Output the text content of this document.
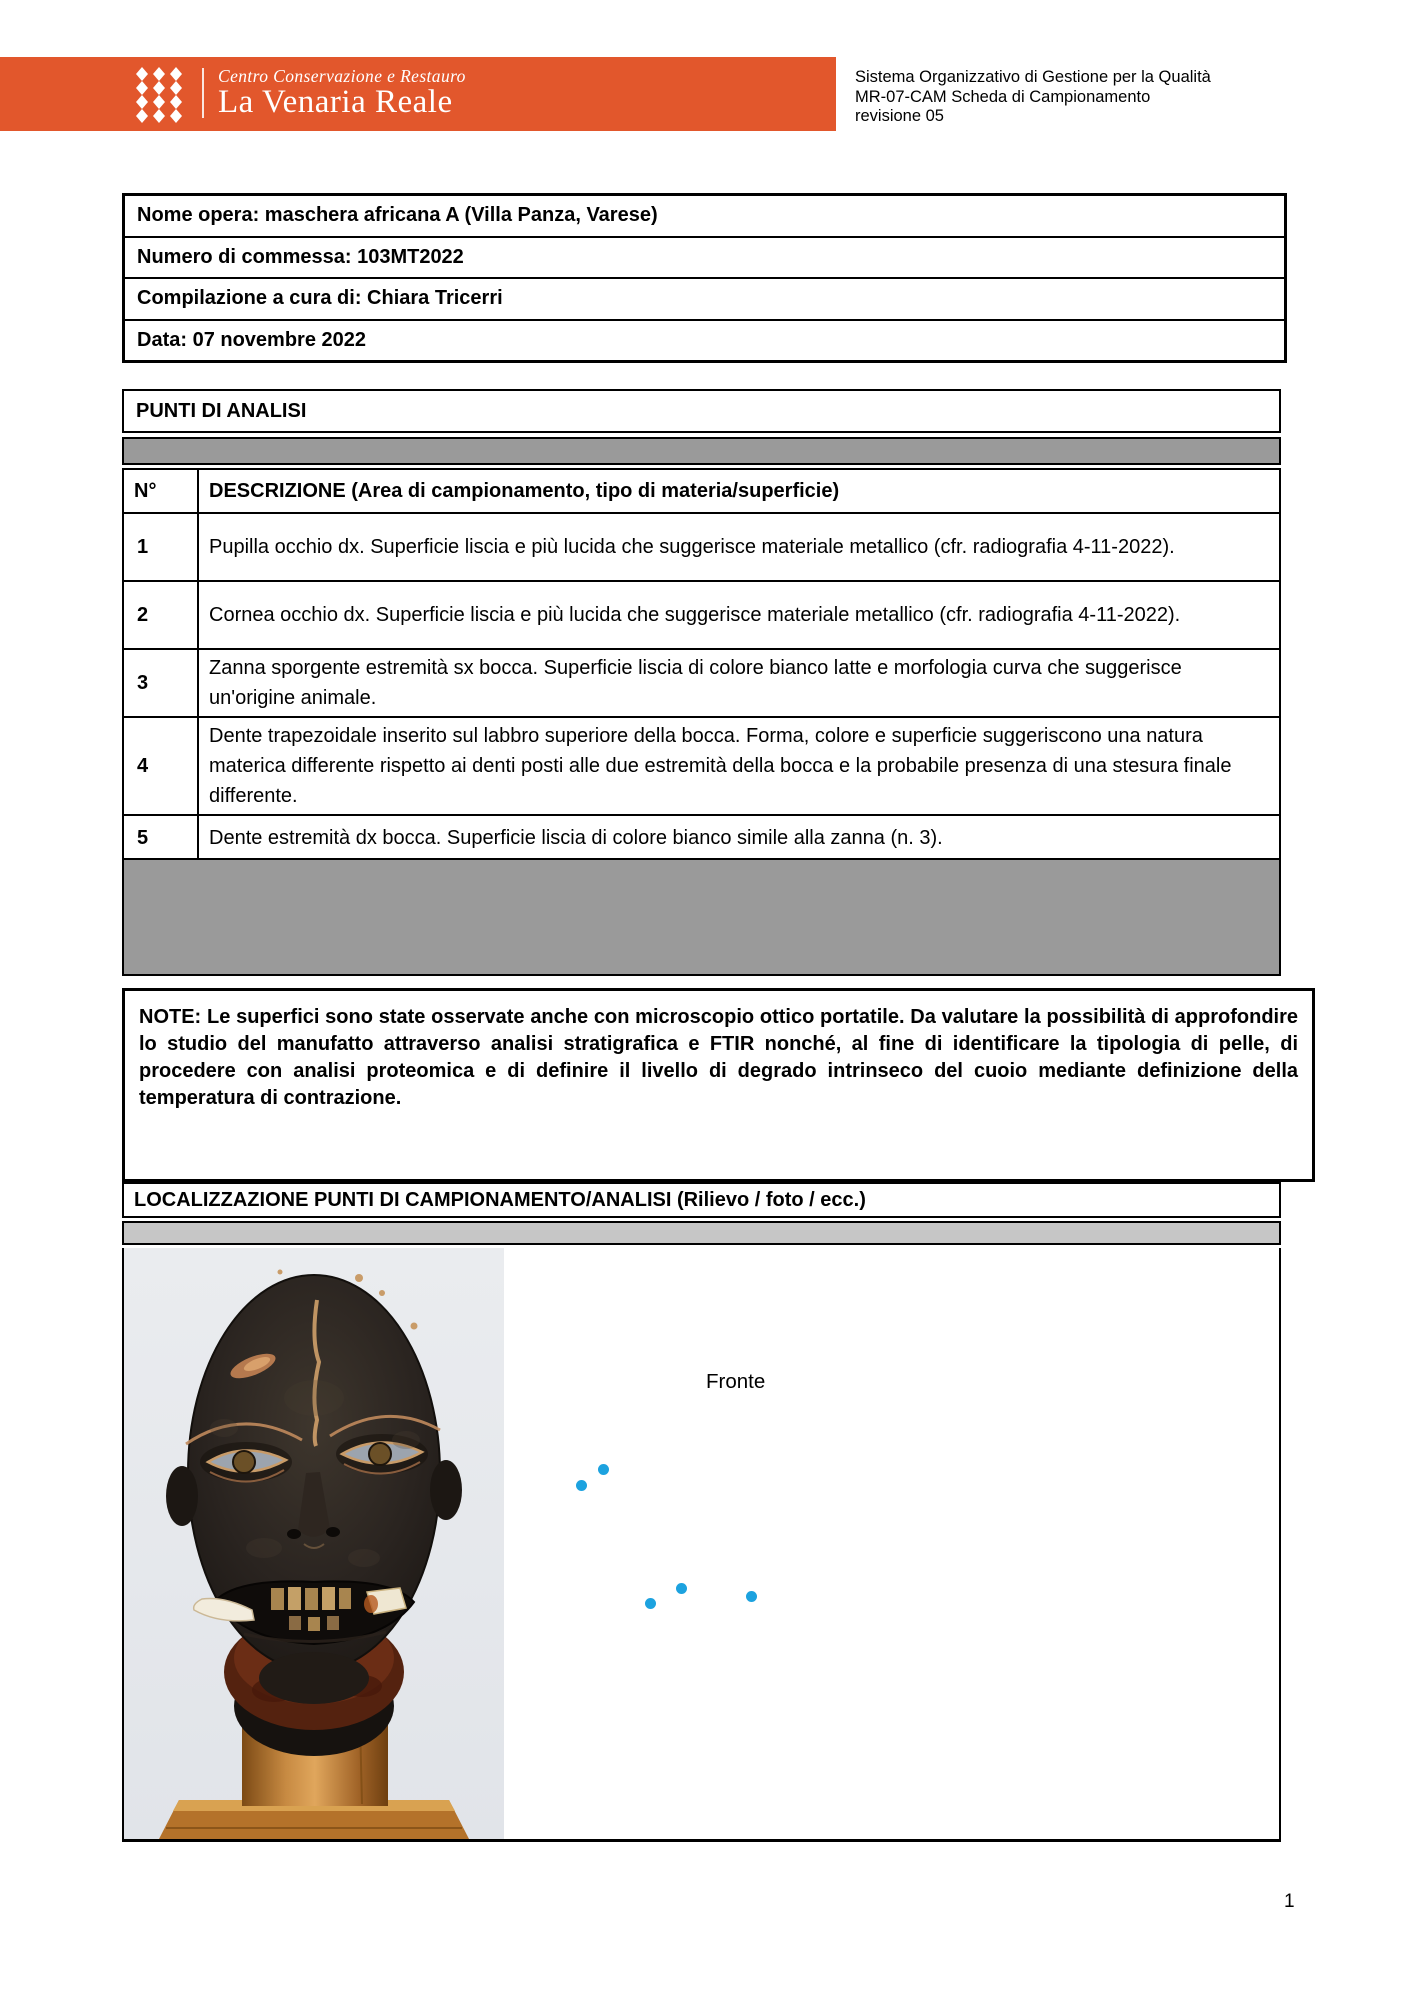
Centro Conservazione e Restauro
La Venaria Reale
Sistema Organizzativo di Gestione per la Qualità
MR-07-CAM Scheda di Campionamento
revisione 05
Nome opera: maschera africana A (Villa Panza, Varese)
Numero di commessa: 103MT2022
Compilazione a cura di: Chiara Tricerri
Data: 07 novembre 2022
PUNTI DI ANALISI
N°	DESCRIZIONE (Area di campionamento, tipo di materia/superficie)
1	Pupilla occhio dx. Superficie liscia e più lucida che suggerisce materiale metallico (cfr. radiografia 4-11-2022).
2	Cornea occhio dx. Superficie liscia e più lucida che suggerisce materiale metallico (cfr. radiografia 4-11-2022).
3	Zanna sporgente estremità sx bocca. Superficie liscia di colore bianco latte e morfologia curva che suggerisce un'origine animale.
4	Dente trapezoidale inserito sul labbro superiore della bocca. Forma, colore e superficie suggeriscono una natura materica differente rispetto ai denti posti alle due estremità della bocca e la probabile presenza di una stesura finale differente.
5	Dente estremità dx bocca. Superficie liscia di colore bianco simile alla zanna (n. 3).
NOTE: Le superfici sono state osservate anche con microscopio ottico portatile. Da valutare la possibilità di approfondire lo studio del manufatto attraverso analisi stratigrafica e FTIR nonché, al fine di identificare la tipologia di pelle, di procedere con analisi proteomica e di definire il livello di degrado intrinseco del cuoio mediante definizione della temperatura di contrazione.
LOCALIZZAZIONE PUNTI DI CAMPIONAMENTO/ANALISI (Rilievo / foto / ecc.)
Fronte
1
